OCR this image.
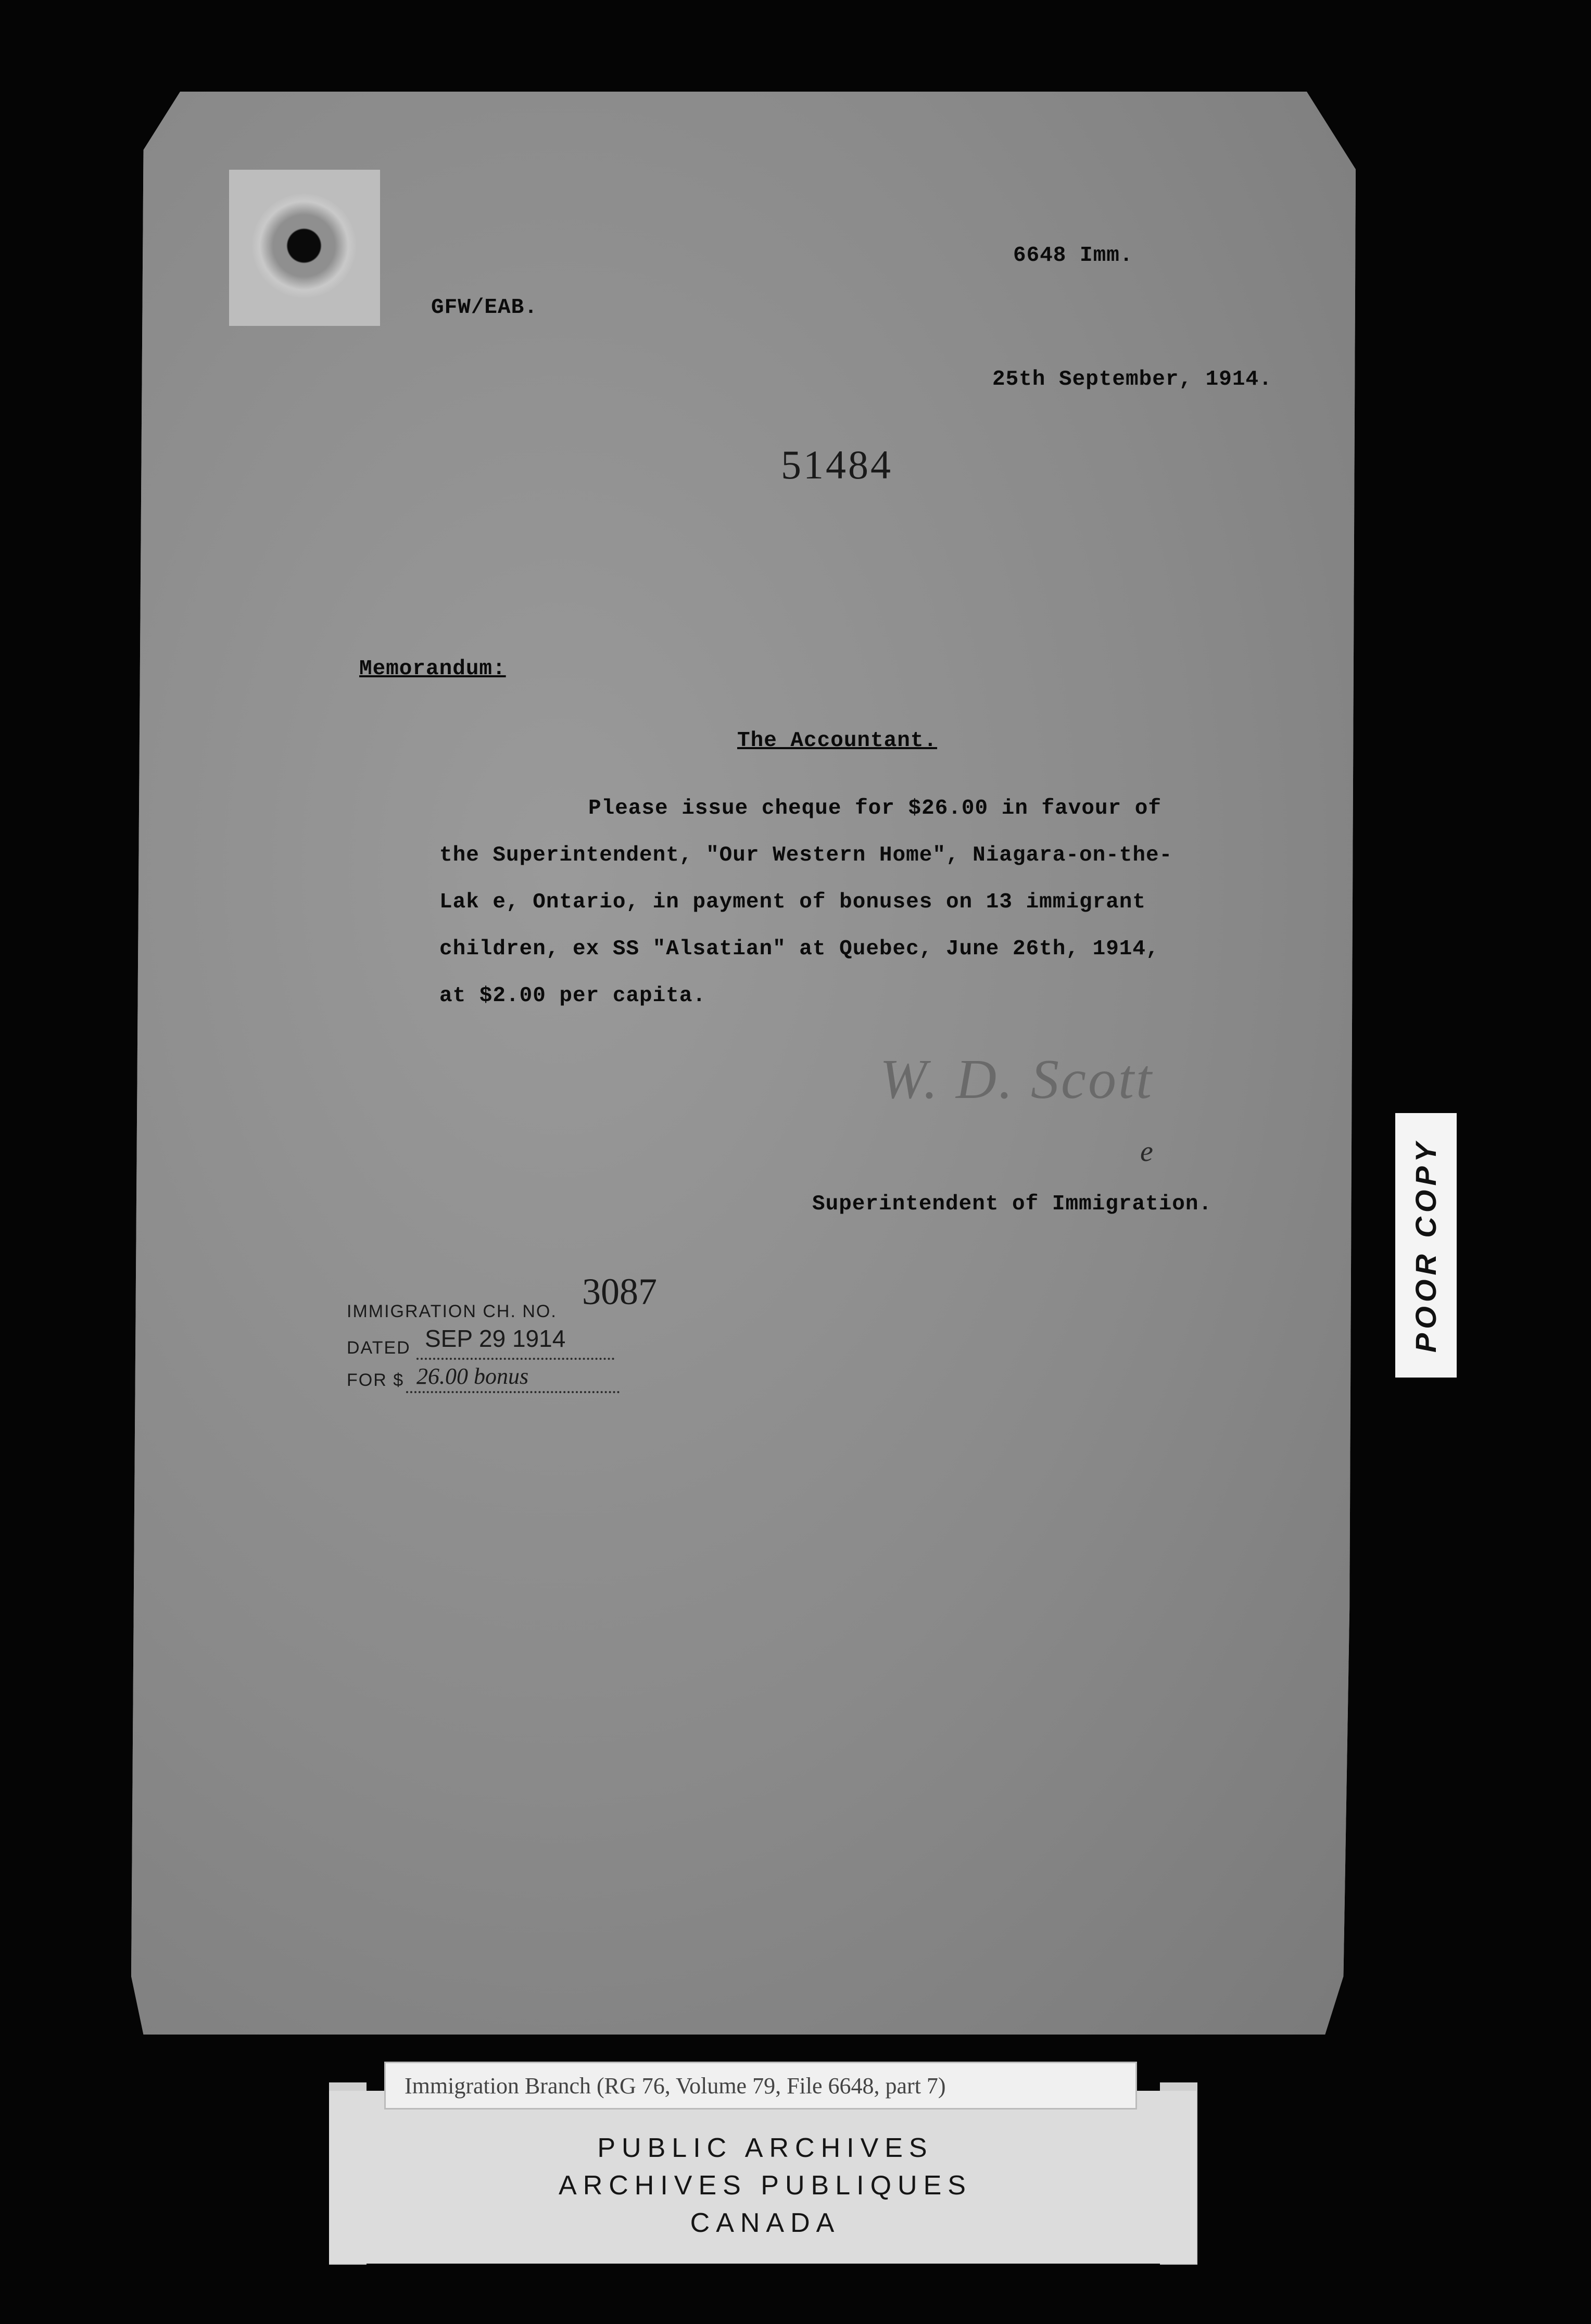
6648 Imm.
GFW/EAB.
25th September, 1914.
51484
Memorandum:
The Accountant.
Please issue cheque for $26.00 in favour of
the Superintendent, "Our Western Home", Niagara-on-the-
Lak e, Ontario, in payment of bonuses on 13 immigrant
children, ex SS "Alsatian" at Quebec, June 26th, 1914,
at $2.00 per capita.
W. D. Scott
e
Superintendent of Immigration.
IMMIGRATION CH. NO. 3087
DATED SEP 29 1914
FOR $ 26.00 bonus
POOR COPY
Immigration Branch (RG 76, Volume 79, File 6648, part 7)
PUBLIC ARCHIVES
ARCHIVES PUBLIQUES
CANADA
